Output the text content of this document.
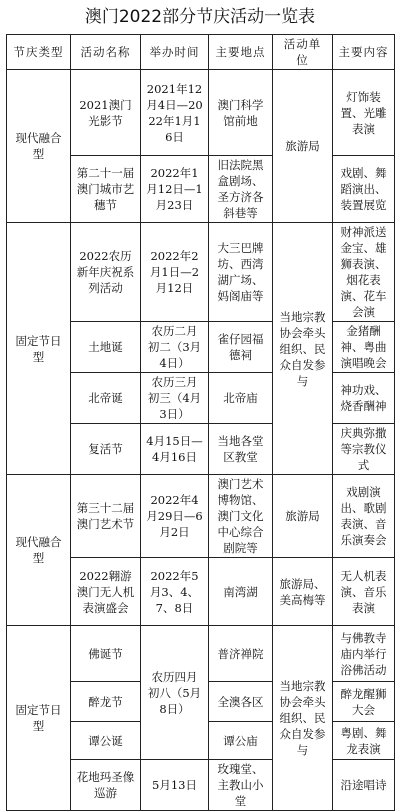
澳门2022部分节庆活动一览表
节庆类型	活动名称	举办时间	主要地点	活动单位	主要内容
现代融合型	2021澳门光影节	2021年12月4日—2022年1月16日	澳门科学馆前地	旅游局	灯饰装置、光雕表演
	第二十一届澳门城市艺穗节	2022年1月12日—1月23日	旧法院黑盒剧场、圣方济各斜巷等		戏剧、舞蹈演出、装置展览
固定节日型	2022农历新年庆祝系列活动	2022年2月1日—2月12日	大三巴牌坊、西湾湖广场、妈阁庙等	当地宗教协会牵头组织、民众自发参与	财神派送金宝、雄狮表演、烟花表演、花车会演
	土地诞	农历二月初二（3月4日）	雀仔园福德祠		金猪酬神、粤曲演唱晚会
	北帝诞	农历三月初三（4月3日）	北帝庙		神功戏、烧香酬神
	复活节	4月15日—4月16日	当地各堂区教堂		庆典弥撒等宗教仪式
现代融合型	第三十二届澳门艺术节	2022年4月29日—6月2日	澳门艺术博物馆、澳门文化中心综合剧院等	旅游局	戏剧演出、歌剧表演、音乐演奏会
	2022翱游澳门无人机表演盛会	2022年5月3、4、7、8日	南湾湖	旅游局、美高梅等	无人机表演、音乐表演
固定节日型	佛诞节	农历四月初八（5月8日）	普济禅院	当地宗教协会牵头组织、民众自发参与	与佛教寺庙内举行浴佛活动
	醉龙节		全澳各区		醉龙醒狮大会
	谭公诞		谭公庙		粤剧、舞龙表演
	花地玛圣像巡游	5月13日	玫瑰堂、主教山小堂		沿途唱诗
